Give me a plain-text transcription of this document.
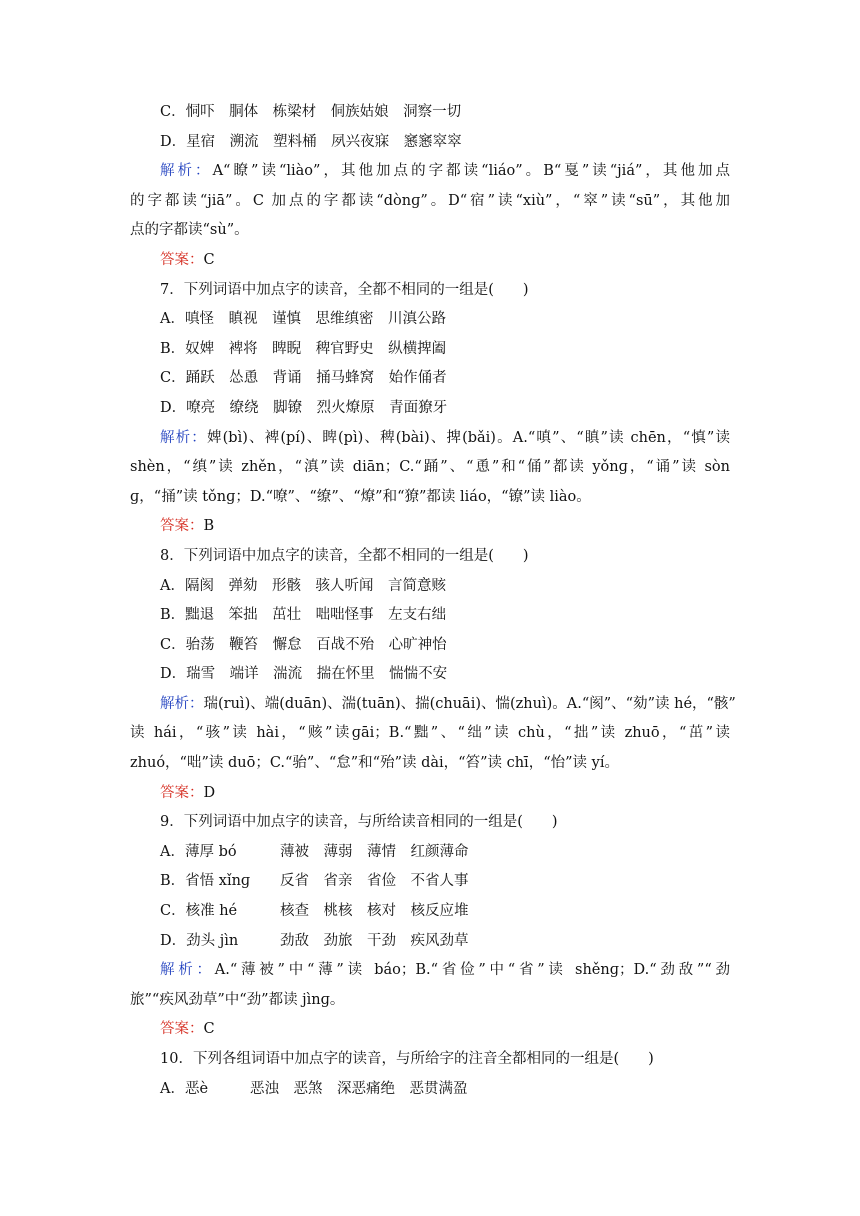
C．恫吓　胴体　栋梁材　侗族姑娘　洞察一切
D．星宿　溯流　塑料桶　夙兴夜寐　窸窸窣窣
解析：A“瞭”读“liào”，其他加点的字都读“liáo”。B“戛”读“jiá”，其他加点
的字都读“jiā”。C 加点的字都读“dònɡ”。D“宿”读“xiù”，“窣”读“sū”，其他加
点的字都读“sù”。
答案：C
7．下列词语中加点字的读音，全都不相同的一组是(　　)
A．嗔怪　瞋视　谨慎　思维缜密　川滇公路
B．奴婢　裨将　睥睨　稗官野史　纵横捭阖
C．踊跃　怂恿　背诵　捅马蜂窝　始作俑者
D．嘹亮　缭绕　脚镣　烈火燎原　青面獠牙
解析：婢(bì)、裨(pí)、睥(pì)、稗(bài)、捭(bǎi)。A.“嗔”、“瞋”读 chēn，“慎”读
shèn，“缜”读 zhěn，“滇”读 diān；C.“踊”、“恿”和“俑”都读 yǒnɡ，“诵”读 sòn
ɡ，“捅”读 tǒnɡ；D.“嘹”、“缭”、“燎”和“獠”都读 liáo，“镣”读 liào。
答案：B
8．下列词语中加点字的读音，全都不相同的一组是(　　)
A．隔阂　弹劾　形骸　骇人听闻　言简意赅
B．黜退　笨拙　茁壮　咄咄怪事　左支右绌
C．骀荡　鞭笞　懈怠　百战不殆　心旷神怡
D．瑞雪　端详　湍流　揣在怀里　惴惴不安
解析：瑞(ruì)、端(duān)、湍(tuān)、揣(chuāi)、惴(zhuì)。A.“阂”、“劾”读 hé，“骸”
读 hái，“骇”读 hài，“赅”读ɡāi；B.“黜”、“绌”读 chù，“拙”读 zhuō，“茁”读
zhuó，“咄”读 duō；C.“骀”、“怠”和“殆”读 dài，“笞”读 chī，“怡”读 yí。
答案：D
9．下列词语中加点字的读音，与所给读音相同的一组是(　　)
A．薄厚 bó	薄被　薄弱　薄情　红颜薄命
B．省悟 xǐnɡ 反省　省亲　省俭　不省人事
C．核准 hé	核查　桃核　核对　核反应堆
D．劲头 jìn	劲敌　劲旅　干劲　疾风劲草
解析：A.“薄被”中“薄”读 báo；B.“省俭”中“省”读 shěnɡ；D.“劲敌”“劲
旅”“疾风劲草”中“劲”都读 jìnɡ。
答案：C
10．下列各组词语中加点字的读音，与所给字的注音全都相同的一组是(　　)
A．恶è	恶浊　恶煞　深恶痛绝　恶贯满盈
